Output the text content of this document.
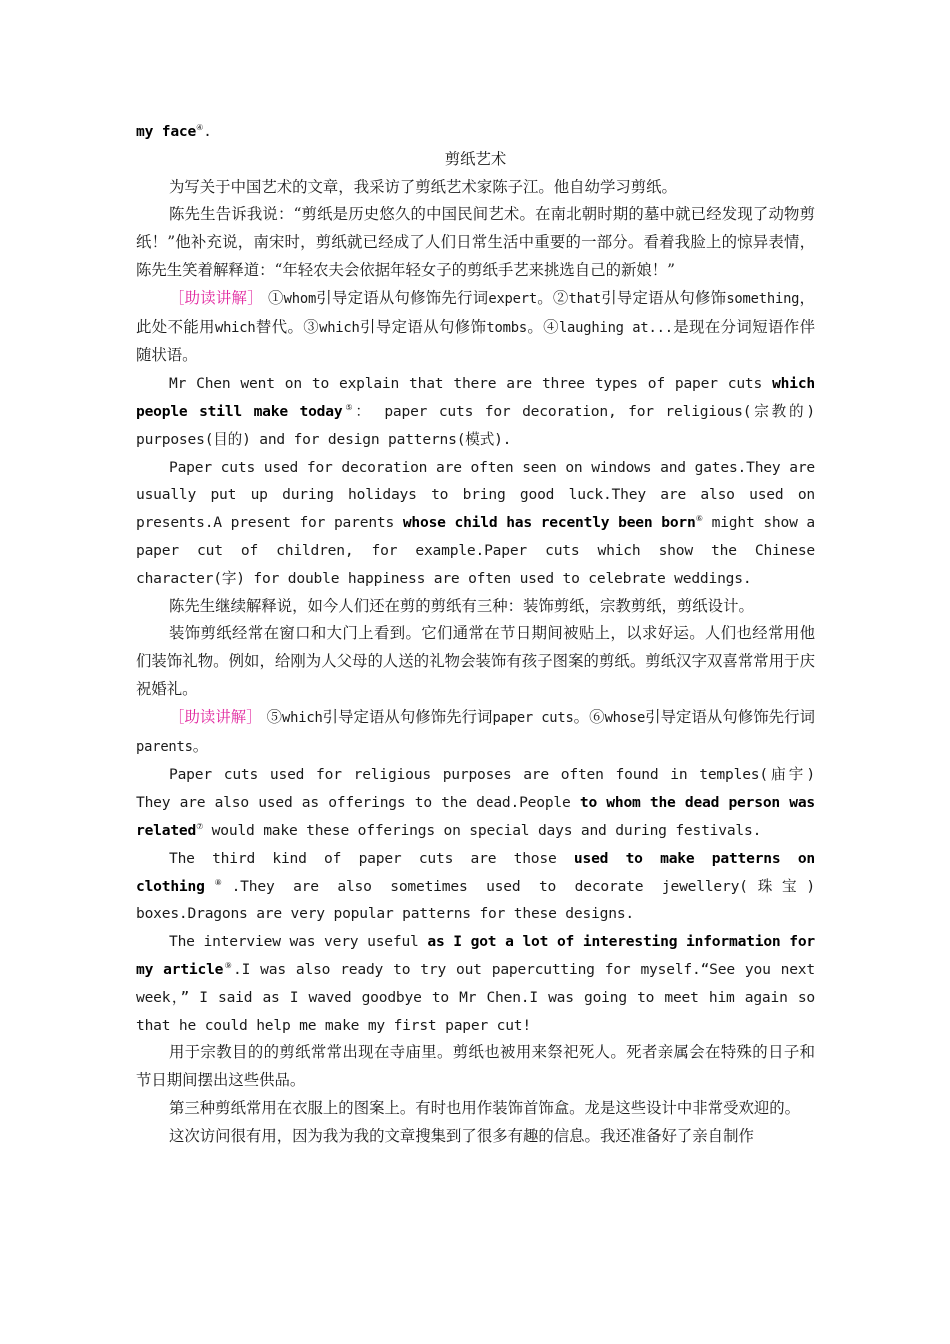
my face④.

剪纸艺术

为写关于中国艺术的文章，我采访了剪纸艺术家陈子江。他自幼学习剪纸。

陈先生告诉我说：“剪纸是历史悠久的中国民间艺术。在南北朝时期的墓中就已经发现了动物剪纸！”他补充说，南宋时，剪纸就已经成了人们日常生活中重要的一部分。看着我脸上的惊异表情，陈先生笑着解释道：“年轻农夫会依据年轻女子的剪纸手艺来挑选自己的新娘！”

［助读讲解］ ①whom引导定语从句修饰先行词expert。②that引导定语从句修饰something，此处不能用which替代。③which引导定语从句修饰tombs。④laughing at...是现在分词短语作伴随状语。

Mr Chen went on to explain that there are three types of paper cuts which people still make today⑤： paper cuts for decoration, for religious(宗教的) purposes(目的) and for design patterns(模式).

Paper cuts used for decoration are often seen on windows and gates.They are usually put up during holidays to bring good luck.They are also used on presents.A present for parents whose child has recently been born⑥ might show a paper cut of children, for example.Paper cuts which show the Chinese character(字) for double happiness are often used to celebrate weddings.

陈先生继续解释说，如今人们还在剪的剪纸有三种：装饰剪纸，宗教剪纸，剪纸设计。

装饰剪纸经常在窗口和大门上看到。它们通常在节日期间被贴上，以求好运。人们也经常用他们装饰礼物。例如，给刚为人父母的人送的礼物会装饰有孩子图案的剪纸。剪纸汉字双喜常常用于庆祝婚礼。

［助读讲解］ ⑤which引导定语从句修饰先行词paper cuts。⑥whose引导定语从句修饰先行词parents。

Paper cuts used for religious purposes are often found in temples(庙宇) They are also used as offerings to the dead.People to whom the dead person was related⑦ would make these offerings on special days and during festivals.

The third kind of paper cuts are those used to make patterns on clothing⑧.They are also sometimes used to decorate jewellery(珠宝) boxes.Dragons are very popular patterns for these designs.

The interview was very useful as I got a lot of interesting information for my article⑨.I was also ready to try out papercutting for myself.“See you next week，” I said as I waved goodbye to Mr Chen.I was going to meet him again so that he could help me make my first paper cut!

用于宗教目的的剪纸常常出现在寺庙里。剪纸也被用来祭祀死人。死者亲属会在特殊的日子和节日期间摆出这些供品。

第三种剪纸常用在衣服上的图案上。有时也用作装饰首饰盒。龙是这些设计中非常受欢迎的。

这次访问很有用，因为我为我的文章搜集到了很多有趣的信息。我还准备好了亲自制作
